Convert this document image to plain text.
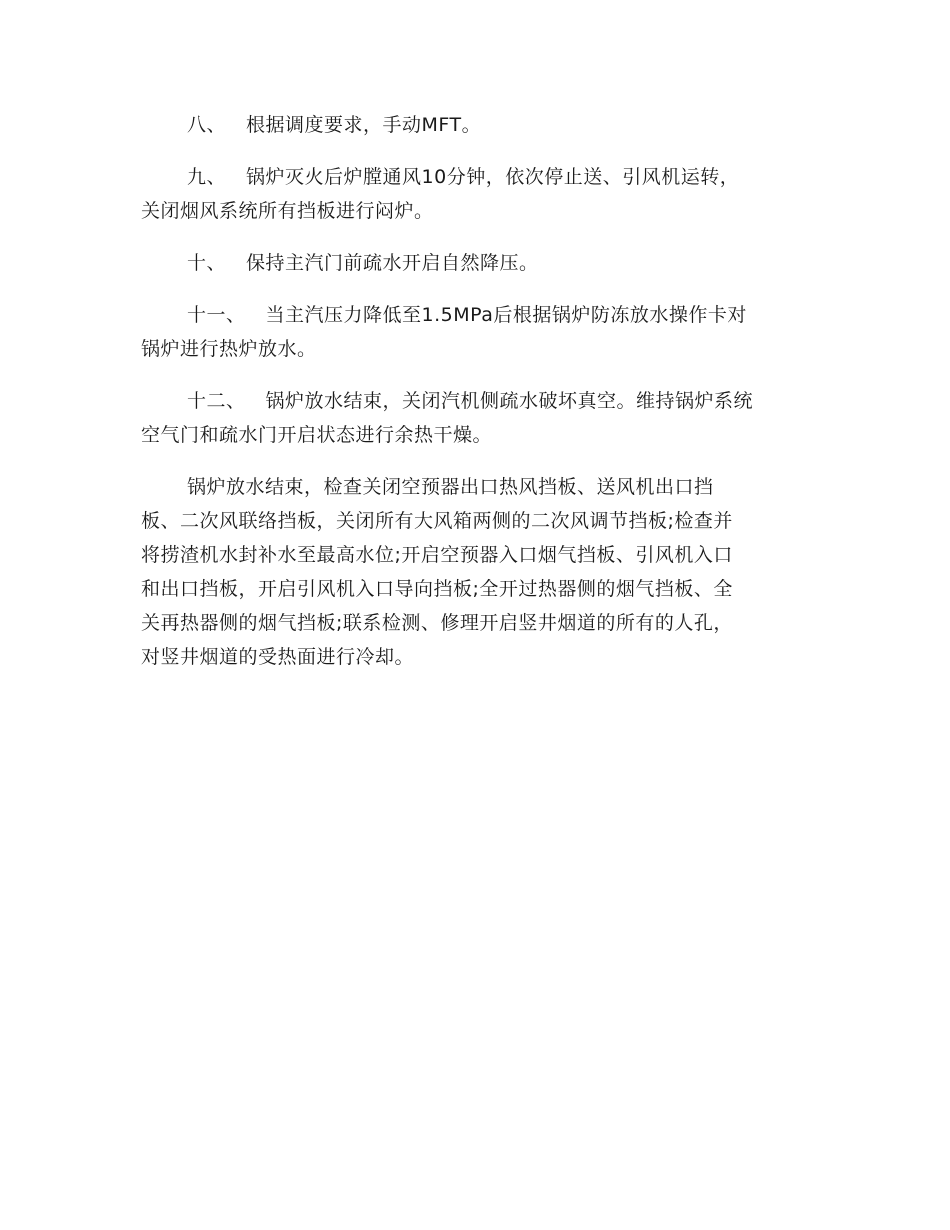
八、 根据调度要求，手动MFT。

九、 锅炉灭火后炉膛通风10分钟，依次停止送、引风机运转，
关闭烟风系统所有挡板进行闷炉。

十、 保持主汽门前疏水开启自然降压。

十一、 当主汽压力降低至1.5MPa后根据锅炉防冻放水操作卡对
锅炉进行热炉放水。

十二、 锅炉放水结束，关闭汽机侧疏水破坏真空。维持锅炉系统
空气门和疏水门开启状态进行余热干燥。

锅炉放水结束，检查关闭空预器出口热风挡板、送风机出口挡
板、二次风联络挡板，关闭所有大风箱两侧的二次风调节挡板;检查并
将捞渣机水封补水至最高水位;开启空预器入口烟气挡板、引风机入口
和出口挡板，开启引风机入口导向挡板;全开过热器侧的烟气挡板、全
关再热器侧的烟气挡板;联系检测、修理开启竖井烟道的所有的人孔，
对竖井烟道的受热面进行冷却。
